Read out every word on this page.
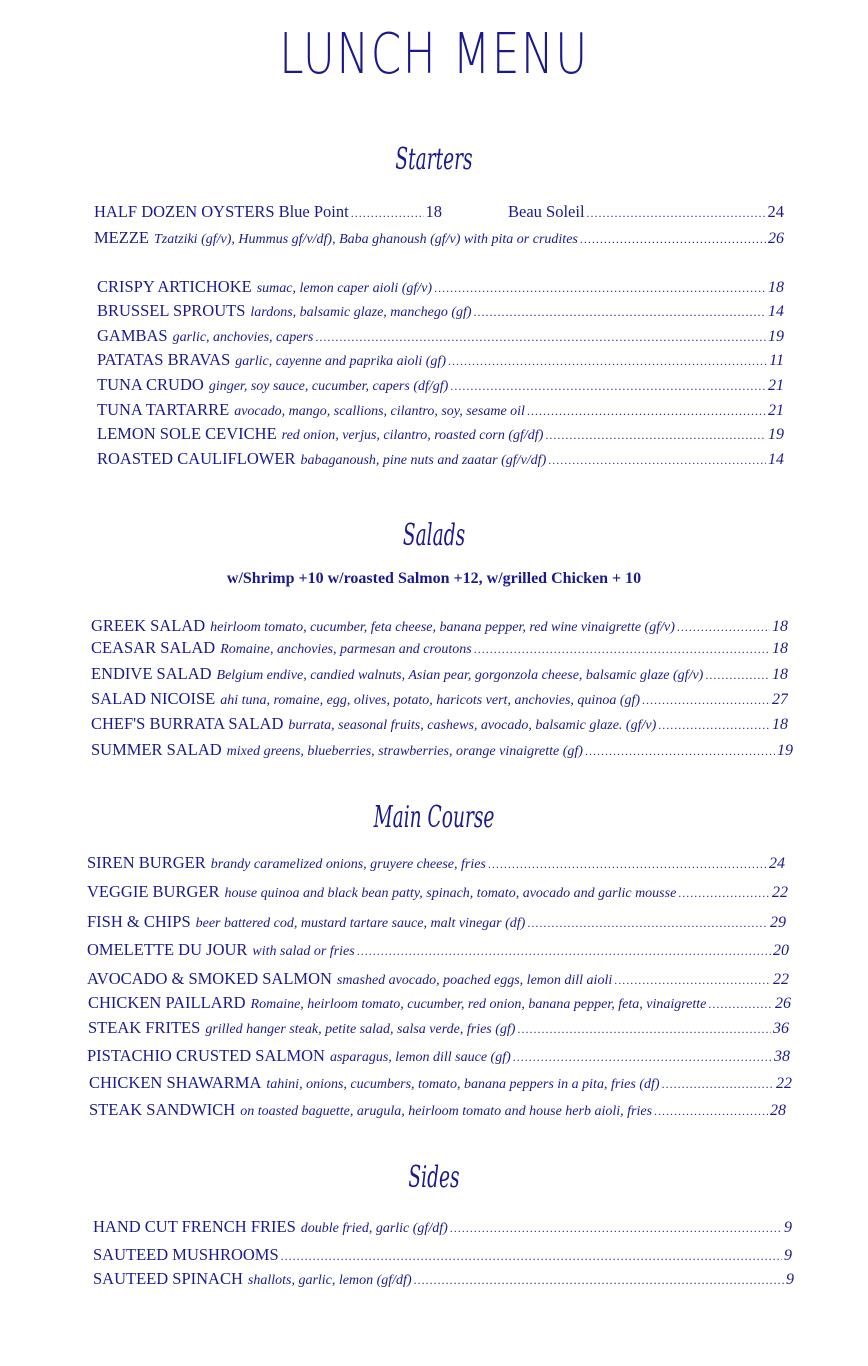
LUNCH MENU
Starters
HALF DOZEN OYSTERS Blue Point .....	18	Beau Soleil .....	24
MEZZE Tzatziki (gf/v), Hummus gf/v/df), Baba ghanoush (gf/v) with pita or crudites .....	26
CRISPY ARTICHOKE sumac, lemon caper aioli (gf/v) .....	18
BRUSSEL SPROUTS lardons, balsamic glaze, manchego (gf) .....	14
GAMBAS garlic, anchovies, capers .....	19
PATATAS BRAVAS garlic, cayenne and paprika aioli (gf) .....	11
TUNA CRUDO ginger, soy sauce, cucumber, capers (df/gf) .....	21
TUNA TARTARRE avocado, mango, scallions, cilantro, soy, sesame oil .....	21
LEMON SOLE CEVICHE red onion, verjus, cilantro, roasted corn (gf/df) .....	19
ROASTED CAULIFLOWER babaganoush, pine nuts and zaatar (gf/v/df) .....	14
Salads
w/Shrimp +10 w/roasted Salmon +12, w/grilled Chicken + 10
GREEK SALAD heirloom tomato, cucumber, feta cheese, banana pepper, red wine vinaigrette (gf/v) .....	18
CEASAR SALAD Romaine, anchovies, parmesan and croutons .....	18
ENDIVE SALAD Belgium endive, candied walnuts, Asian pear, gorgonzola cheese, balsamic glaze (gf/v) .....	18
SALAD NICOISE ahi tuna, romaine, egg, olives, potato, haricots vert, anchovies, quinoa (gf) .....	27
CHEF'S BURRATA SALAD burrata, seasonal fruits, cashews, avocado, balsamic glaze. (gf/v) .....	18
SUMMER SALAD mixed greens, blueberries, strawberries, orange vinaigrette (gf) .....	19
Main Course
SIREN BURGER brandy caramelized onions, gruyere cheese, fries .....	24
VEGGIE BURGER house quinoa and black bean patty, spinach, tomato, avocado and garlic mousse .....	22
FISH & CHIPS beer battered cod, mustard tartare sauce, malt vinegar (df) .....	29
OMELETTE DU JOUR with salad or fries .....	20
AVOCADO & SMOKED SALMON smashed avocado, poached eggs, lemon dill aioli .....	22
CHICKEN PAILLARD Romaine, heirloom tomato, cucumber, red onion, banana pepper, feta, vinaigrette .....	26
STEAK FRITES grilled hanger steak, petite salad, salsa verde, fries (gf) .....	36
PISTACHIO CRUSTED SALMON asparagus, lemon dill sauce (gf) .....	38
CHICKEN SHAWARMA tahini, onions, cucumbers, tomato, banana peppers in a pita, fries (df) .....	22
STEAK SANDWICH on toasted baguette, arugula, heirloom tomato and house herb aioli, fries .....	28
Sides
HAND CUT FRENCH FRIES double fried, garlic (gf/df) .....	9
SAUTEED MUSHROOMS .....	9
SAUTEED SPINACH shallots, garlic, lemon (gf/df) .....	9
